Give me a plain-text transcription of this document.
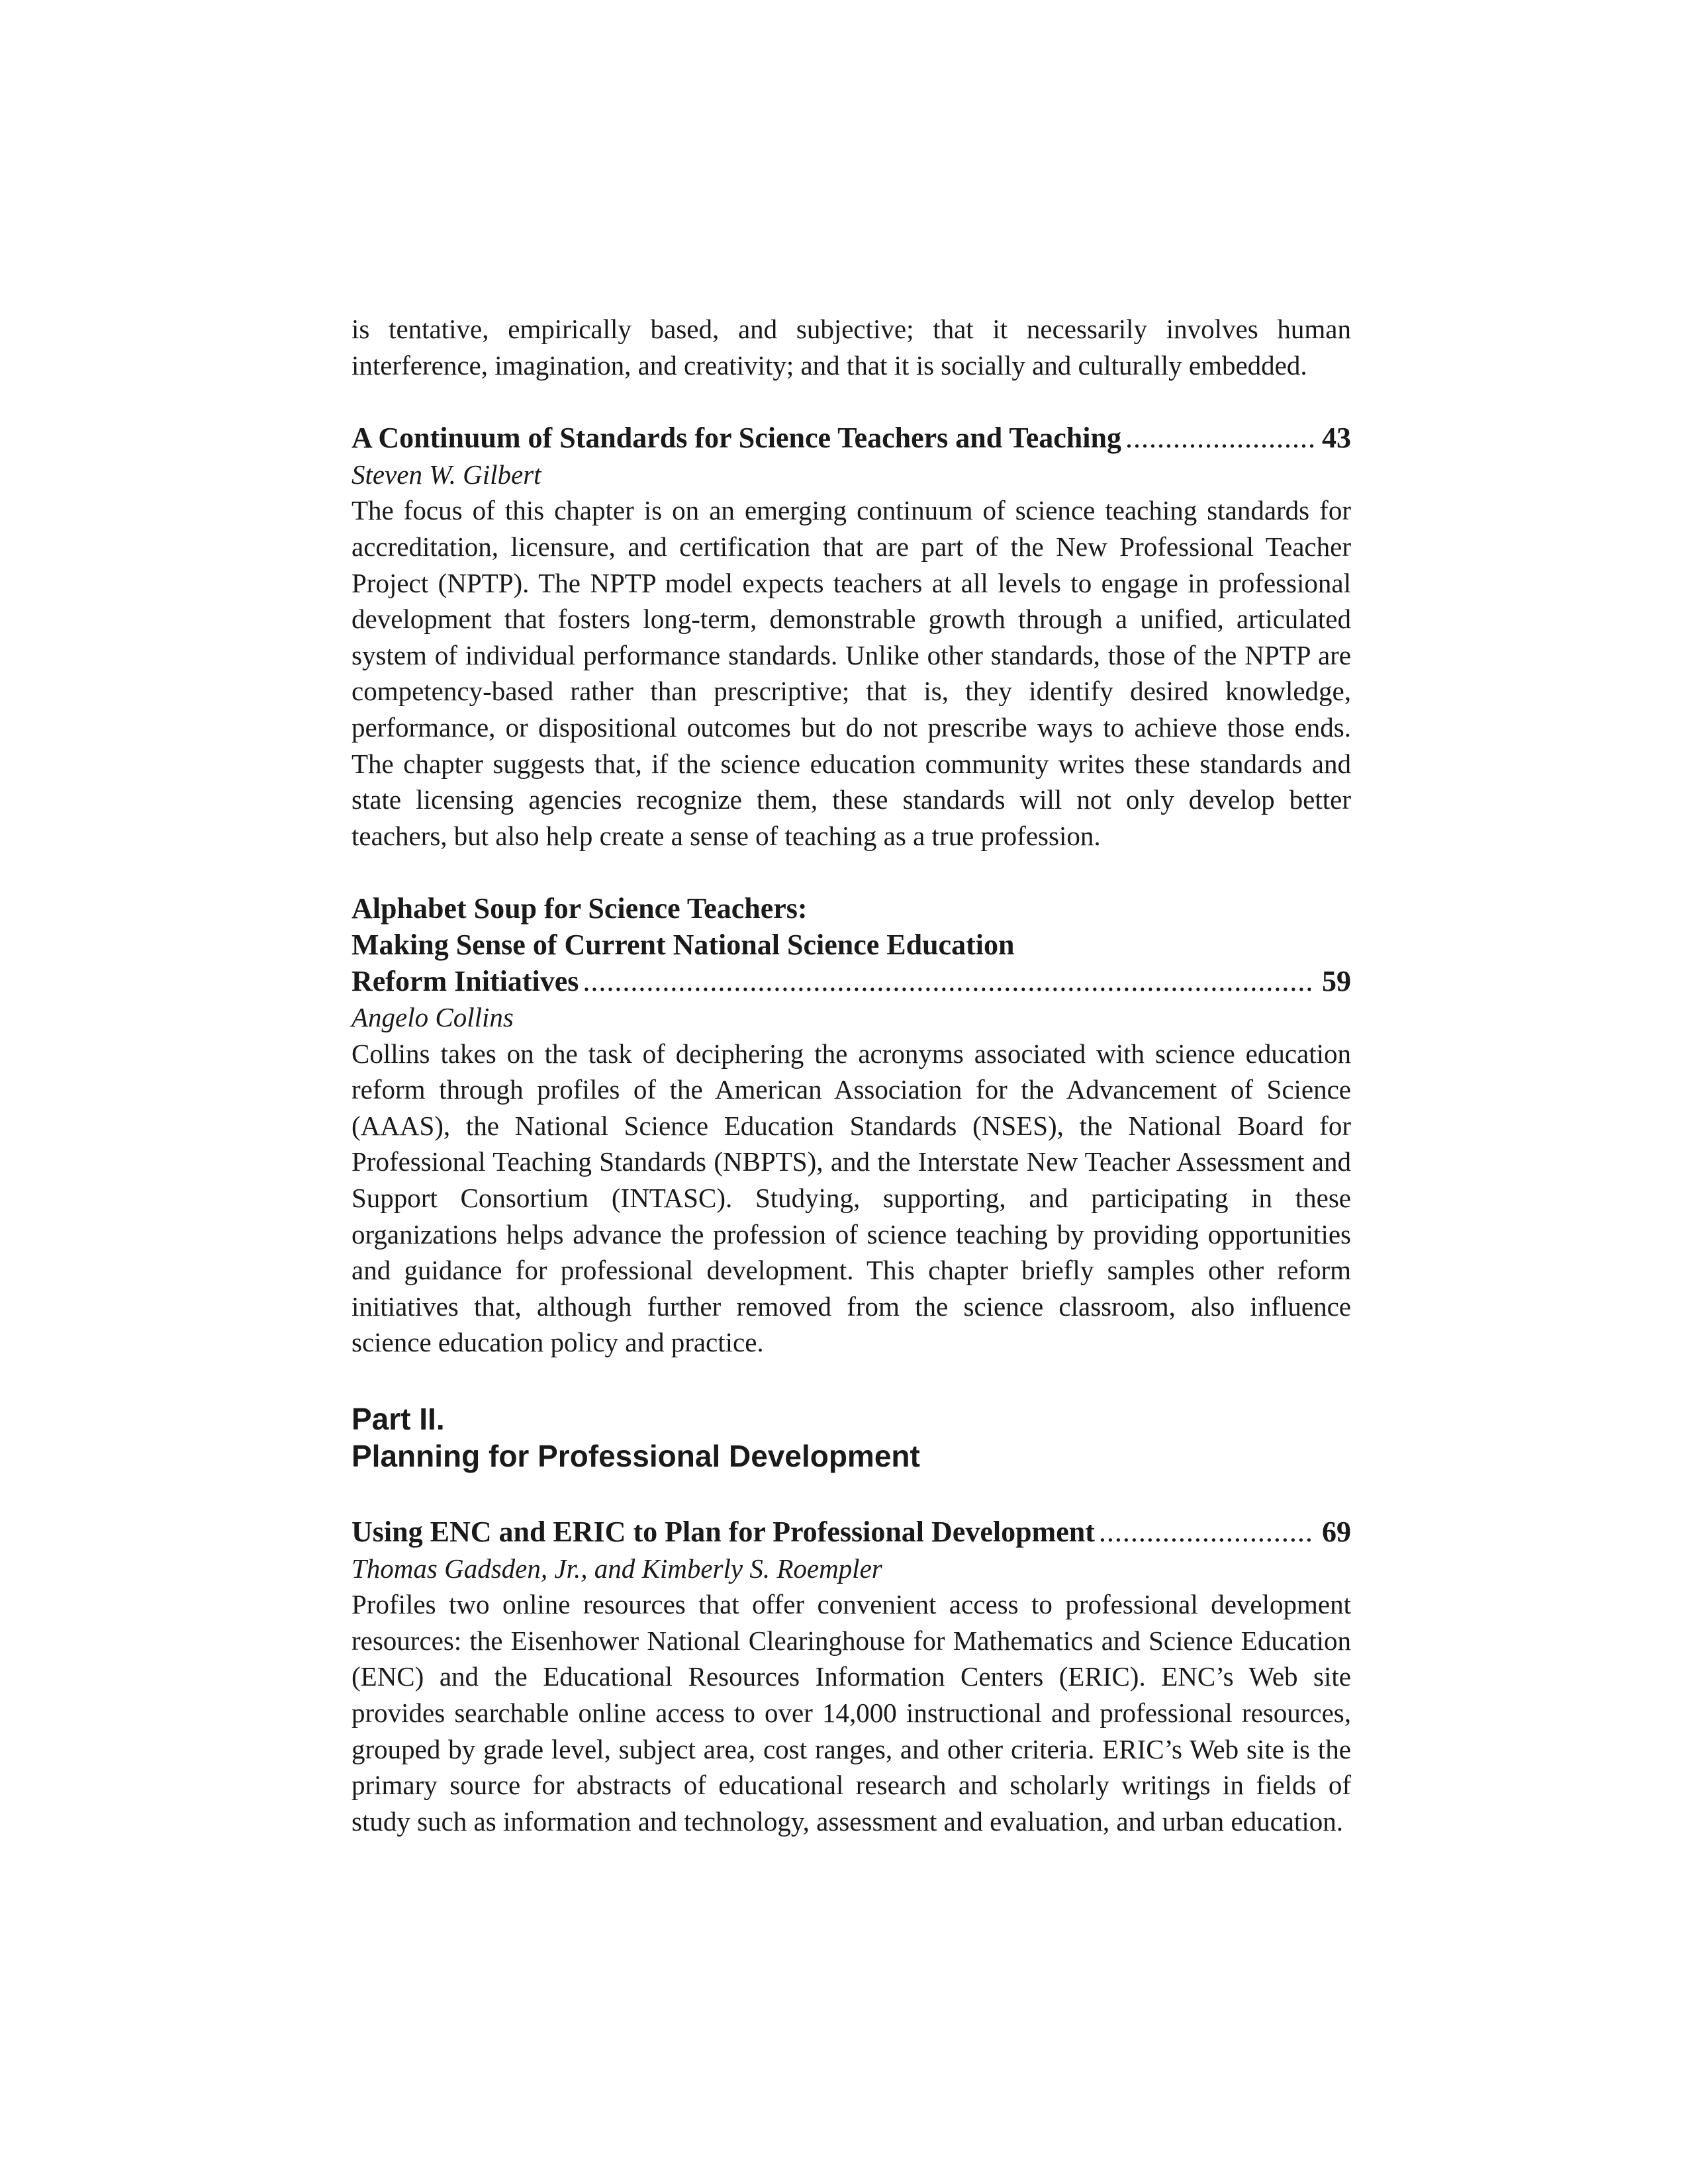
is tentative, empirically based, and subjective; that it necessarily involves human interference, imagination, and creativity; and that it is socially and culturally embedded.

A Continuum of Standards for Science Teachers and Teaching . . .	43
Steven W. Gilbert

The focus of this chapter is on an emerging continuum of science teaching standards for accreditation, licensure, and certification that are part of the New Professional Teacher Project (NPTP). The NPTP model expects teachers at all levels to engage in professional development that fosters long-term, demonstrable growth through a unified, articulated system of individual performance standards. Unlike other standards, those of the NPTP are competency-based rather than prescriptive; that is, they identify desired knowledge, performance, or dispositional outcomes but do not prescribe ways to achieve those ends. The chapter suggests that, if the science education community writes these standards and state licensing agencies recognize them, these standards will not only develop better teachers, but also help create a sense of teaching as a true profession.

Alphabet Soup for Science Teachers:
Making Sense of Current National Science Education
Reform Initiatives . . .	59
Angelo Collins

Collins takes on the task of deciphering the acronyms associated with science education reform through profiles of the American Association for the Advancement of Science (AAAS), the National Science Education Standards (NSES), the National Board for Professional Teaching Standards (NBPTS), and the Interstate New Teacher Assessment and Support Consortium (INTASC). Studying, supporting, and participating in these organizations helps advance the profession of science teaching by providing opportunities and guidance for professional development. This chapter briefly samples other reform initiatives that, although further removed from the science classroom, also influence science education policy and practice.

Part II.

Planning for Professional Development

Using ENC and ERIC to Plan for Professional Development . . .	69
Thomas Gadsden, Jr., and Kimberly S. Roempler

Profiles two online resources that offer convenient access to professional development resources: the Eisenhower National Clearinghouse for Mathematics and Science Education (ENC) and the Educational Resources Information Centers (ERIC). ENC’s Web site provides searchable online access to over 14,000 instructional and professional resources, grouped by grade level, subject area, cost ranges, and other criteria. ERIC’s Web site is the primary source for abstracts of educational research and scholarly writings in fields of study such as information and technology, assessment and evaluation, and urban education.
